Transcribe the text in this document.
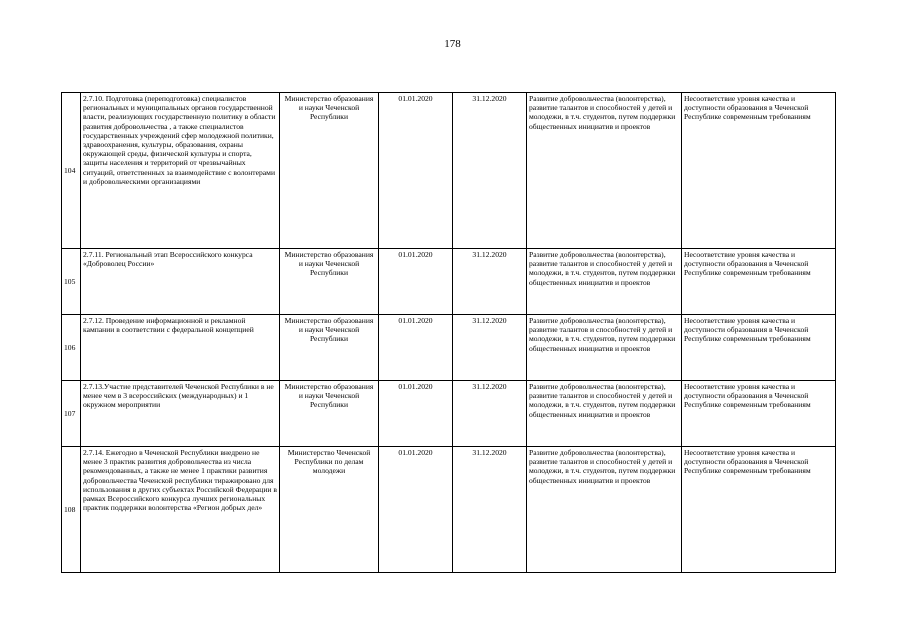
178
104	2.7.10. Подготовка (переподготовка) специалистов региональных и муниципальных органов государственной власти, реализующих государственную политику в области развития добровольчества , а также специалистов государственных учреждений сфер молодежной политики, здравоохранения, культуры, образования, охраны окружающей среды, физической культуры и спорта, защиты населения и территорий от чрезвычайных ситуаций, ответственных за взаимодействие с волонтерами и добровольческими организациями	Министерство образования и науки Чеченской Республики	01.01.2020	31.12.2020	Развитие добровольчества (волонтерства), развитие талантов и способностей у детей и молодежи, в т.ч. студентов, путем поддержки общественных инициатив и проектов	Несоответствие уровня качества и доступности образования в Чеченской Республике современным требованиям
105	2.7.11. Региональный этап Всероссийского конкурса «Доброволец России»	Министерство образования и науки Чеченской Республики	01.01.2020	31.12.2020	Развитие добровольчества (волонтерства), развитие талантов и способностей у детей и молодежи, в т.ч. студентов, путем поддержки общественных инициатив и проектов	Несоответствие уровня качества и доступности образования в Чеченской Республике современным требованиям
106	2.7.12. Проведение информационной и рекламной кампании в соответствии с федеральной концепцией	Министерство образования и науки Чеченской Республики	01.01.2020	31.12.2020	Развитие добровольчества (волонтерства), развитие талантов и способностей у детей и молодежи, в т.ч. студентов, путем поддержки общественных инициатив и проектов	Несоответствие уровня качества и доступности образования в Чеченской Республике современным требованиям
107	2.7.13.Участие представителей Чеченской Республики в не менее чем в 3 всероссийских (международных) и 1 окружном мероприятии	Министерство образования и науки Чеченской Республики	01.01.2020	31.12.2020	Развитие добровольчества (волонтерства), развитие талантов и способностей у детей и молодежи, в т.ч. студентов, путем поддержки общественных инициатив и проектов	Несоответствие уровня качества и доступности образования в Чеченской Республике современным требованиям
108	2.7.14. Ежегодно в Чеченской Республики внедрено не менее 3 практик развития добровольчества из числа рекомендованных, а также не менее 1 практики развития добровольчества Чеченской республики тиражировано для использования в других субъектах Российской Федерации в рамках Всероссийского конкурса лучших региональных практик поддержки волонтерства «Регион добрых дел»	Министерство Чеченской Республики по делам молодежи	01.01.2020	31.12.2020	Развитие добровольчества (волонтерства), развитие талантов и способностей у детей и молодежи, в т.ч. студентов, путем поддержки общественных инициатив и проектов	Несоответствие уровня качества и доступности образования в Чеченской Республике современным требованиям
